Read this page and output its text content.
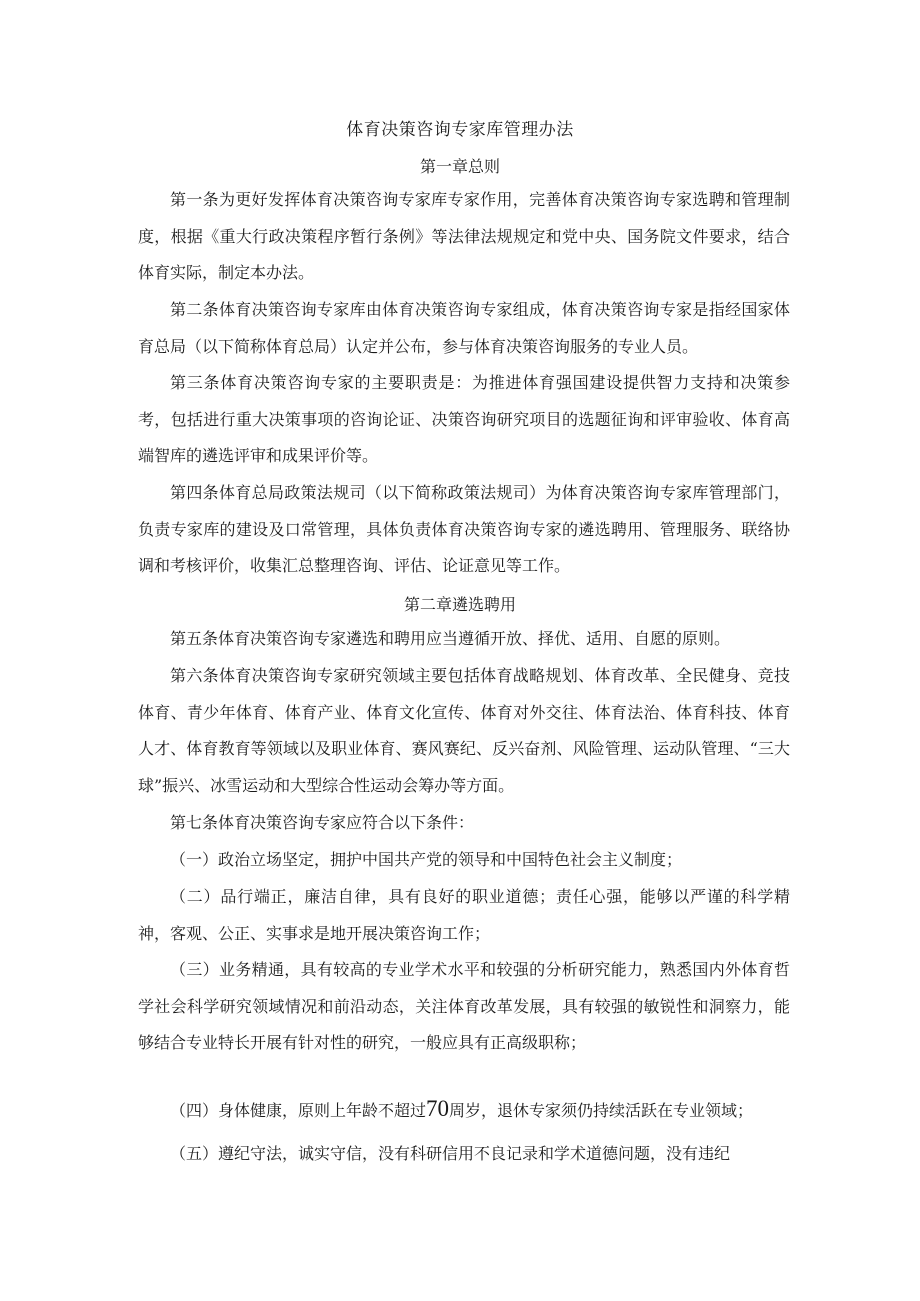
体育决策咨询专家库管理办法
第一章总则
第一条为更好发挥体育决策咨询专家库专家作用，完善体育决策咨询专家选聘和管理制度，根据《重大行政决策程序暂行条例》等法律法规规定和党中央、国务院文件要求，结合体育实际，制定本办法。
第二条体育决策咨询专家库由体育决策咨询专家组成，体育决策咨询专家是指经国家体育总局（以下简称体育总局）认定并公布，参与体育决策咨询服务的专业人员。
第三条体育决策咨询专家的主要职责是：为推进体育强国建设提供智力支持和决策参考，包括进行重大决策事项的咨询论证、决策咨询研究项目的选题征询和评审验收、体育高端智库的遴选评审和成果评价等。
第四条体育总局政策法规司（以下简称政策法规司）为体育决策咨询专家库管理部门，负责专家库的建设及口常管理，具体负责体育决策咨询专家的遴选聘用、管理服务、联络协调和考核评价，收集汇总整理咨询、评估、论证意见等工作。
第二章遴选聘用
第五条体育决策咨询专家遴选和聘用应当遵循开放、择优、适用、自愿的原则。
第六条体育决策咨询专家研究领域主要包括体育战略规划、体育改革、全民健身、竞技体育、青少年体育、体育产业、体育文化宣传、体育对外交往、体育法治、体育科技、体育人才、体育教育等领域以及职业体育、赛风赛纪、反兴奋剂、风险管理、运动队管理、“三大球”振兴、冰雪运动和大型综合性运动会筹办等方面。
第七条体育决策咨询专家应符合以下条件：
（一）政治立场坚定，拥护中国共产党的领导和中国特色社会主义制度；
（二）品行端正，廉洁自律，具有良好的职业道德；责任心强，能够以严谨的科学精神，客观、公正、实事求是地开展决策咨询工作；
（三）业务精通，具有较高的专业学术水平和较强的分析研究能力，熟悉国内外体育哲学社会科学研究领域情况和前沿动态，关注体育改革发展，具有较强的敏锐性和洞察力，能够结合专业特长开展有针对性的研究，一般应具有正高级职称；
（四）身体健康，原则上年龄不超过70周岁，退休专家须仍持续活跃在专业领域；
（五）遵纪守法，诚实守信，没有科研信用不良记录和学术道德问题，没有违纪
